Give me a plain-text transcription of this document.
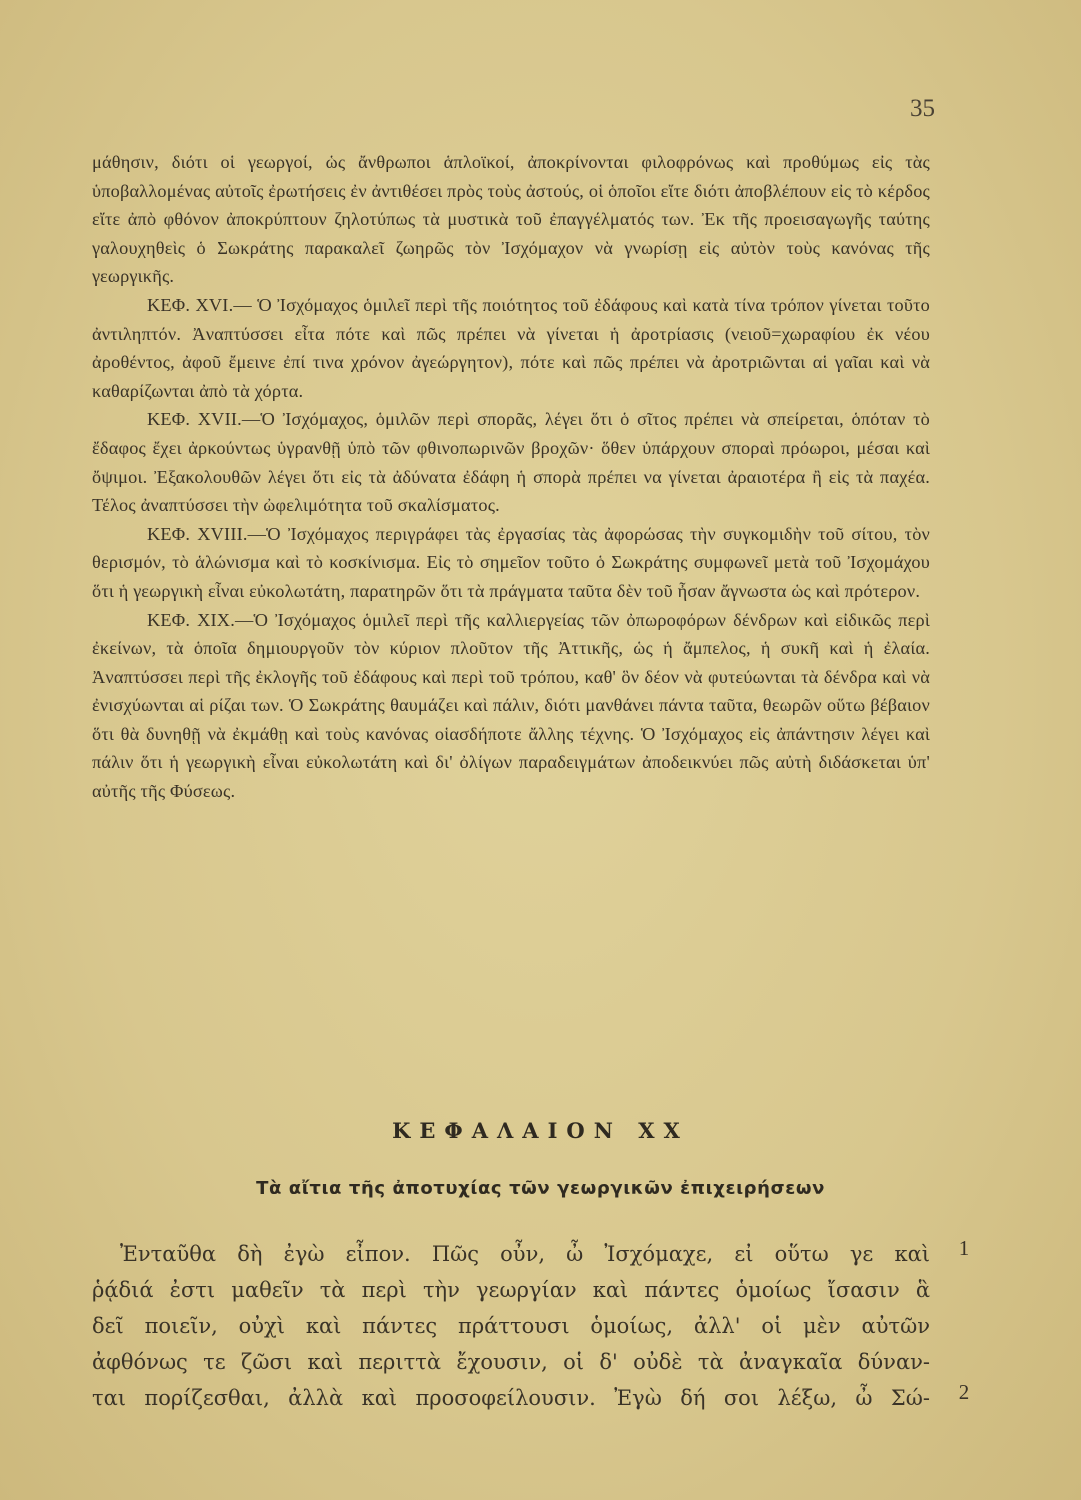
35

μάθησιν, διότι οἱ γεωργοί, ὡς ἄνθρωποι ἁπλοϊκοί, ἀποκρίνονται φιλοφρόνως καὶ προθύμως εἰς τὰς ὑποβαλλομένας αὐτοῖς ἐρωτήσεις ἐν ἀντιθέσει πρὸς τοὺς ἀστούς, οἱ ὁποῖοι εἴτε διότι ἀποβλέπουν εἰς τὸ κέρδος εἴτε ἀπὸ φθόνον ἀποκρύπτουν ζηλοτύπως τὰ μυστικὰ τοῦ ἐπαγγέλματός των. Ἐκ τῆς προεισαγωγῆς ταύτης γαλουχηθεὶς ὁ Σωκράτης παρακαλεῖ ζωηρῶς τὸν Ἰσχόμαχον νὰ γνωρίσῃ εἰς αὐτὸν τοὺς κανόνας τῆς γεωργικῆς.

ΚΕΦ. XVI.— Ὁ Ἰσχόμαχος ὁμιλεῖ περὶ τῆς ποιότητος τοῦ ἐδάφους καὶ κατὰ τίνα τρόπον γίνεται τοῦτο ἀντιληπτόν. Ἀναπτύσσει εἶτα πότε καὶ πῶς πρέπει νὰ γίνεται ἡ ἀροτρίασις (νειοῦ=χωραφίου ἐκ νέου ἀροθέντος, ἀφοῦ ἔμεινε ἐπί τινα χρόνον ἀγεώργητον), πότε καὶ πῶς πρέπει νὰ ἀροτριῶνται αἱ γαῖαι καὶ νὰ καθαρίζωνται ἀπὸ τὰ χόρτα.

ΚΕΦ. XVII.—Ὁ Ἰσχόμαχος, ὁμιλῶν περὶ σπορᾶς, λέγει ὅτι ὁ σῖτος πρέπει νὰ σπείρεται, ὁπόταν τὸ ἔδαφος ἔχει ἀρκούντως ὑγρανθῇ ὑπὸ τῶν φθινοπωρινῶν βροχῶν· ὅθεν ὑπάρχουν σποραὶ πρόωροι, μέσαι καὶ ὄψιμοι. Ἐξακολουθῶν λέγει ὅτι εἰς τὰ ἀδύνατα ἐδάφη ἡ σπορὰ πρέπει να γίνεται ἀραιοτέρα ἢ εἰς τὰ παχέα. Τέλος ἀναπτύσσει τὴν ὠφελιμότητα τοῦ σκαλίσματος.

ΚΕΦ. XVIII.—Ὁ Ἰσχόμαχος περιγράφει τὰς ἐργασίας τὰς ἀφορώσας τὴν συγκομιδὴν τοῦ σίτου, τὸν θερισμόν, τὸ ἁλώνισμα καὶ τὸ κοσκίνισμα. Εἰς τὸ σημεῖον τοῦτο ὁ Σωκράτης συμφωνεῖ μετὰ τοῦ Ἰσχομάχου ὅτι ἡ γεωργικὴ εἶναι εὐκολωτάτη, παρατηρῶν ὅτι τὰ πράγματα ταῦτα δὲν τοῦ ἦσαν ἄγνωστα ὡς καὶ πρότερον.

ΚΕΦ. XIX.—Ὁ Ἰσχόμαχος ὁμιλεῖ περὶ τῆς καλλιεργείας τῶν ὀπωροφόρων δένδρων καὶ εἰδικῶς περὶ ἐκείνων, τὰ ὁποῖα δημιουργοῦν τὸν κύριον πλοῦτον τῆς Ἀττικῆς, ὡς ἡ ἄμπελος, ἡ συκῆ καὶ ἡ ἐλαία. Ἀναπτύσσει περὶ τῆς ἐκλογῆς τοῦ ἐδάφους καὶ περὶ τοῦ τρόπου, καθ' ὃν δέον νὰ φυτεύωνται τὰ δένδρα καὶ νὰ ἐνισχύωνται αἱ ρίζαι των. Ὁ Σωκράτης θαυμάζει καὶ πάλιν, διότι μανθάνει πάντα ταῦτα, θεωρῶν οὕτω βέβαιον ὅτι θὰ δυνηθῇ νὰ ἐκμάθῃ καὶ τοὺς κανόνας οἱασδήποτε ἄλλης τέχνης. Ὁ Ἰσχόμαχος εἰς ἀπάντησιν λέγει καὶ πάλιν ὅτι ἡ γεωργικὴ εἶναι εὐκολωτάτη καὶ δι' ὀλίγων παραδειγμάτων ἀποδεικνύει πῶς αὐτὴ διδάσκεται ὑπ' αὐτῆς τῆς Φύσεως.

ΚΕΦΑΛΑΙΟΝ XX
Τὰ αἴτια τῆς ἀποτυχίας τῶν γεωργικῶν ἐπιχειρήσεων
Ἐνταῦθα δὴ ἐγὼ εἶπον. Πῶς οὖν, ὦ Ἰσχόμαχε, εἰ οὕτω γε καὶ
ῥᾴδιά ἐστι μαθεῖν τὰ περὶ τὴν γεωργίαν καὶ πάντες ὁμοίως ἴσασιν ἃ
δεῖ ποιεῖν, οὐχὶ καὶ πάντες πράττουσι ὁμοίως, ἀλλ' οἱ μὲν αὐτῶν
ἀφθόνως τε ζῶσι καὶ περιττὰ ἔχουσιν, οἱ δ' οὐδὲ τὰ ἀναγκαῖα δύναν-
ται πορίζεσθαι, ἀλλὰ καὶ προσοφείλουσιν. Ἐγὼ δή σοι λέξω, ὦ Σώ-
1
2
